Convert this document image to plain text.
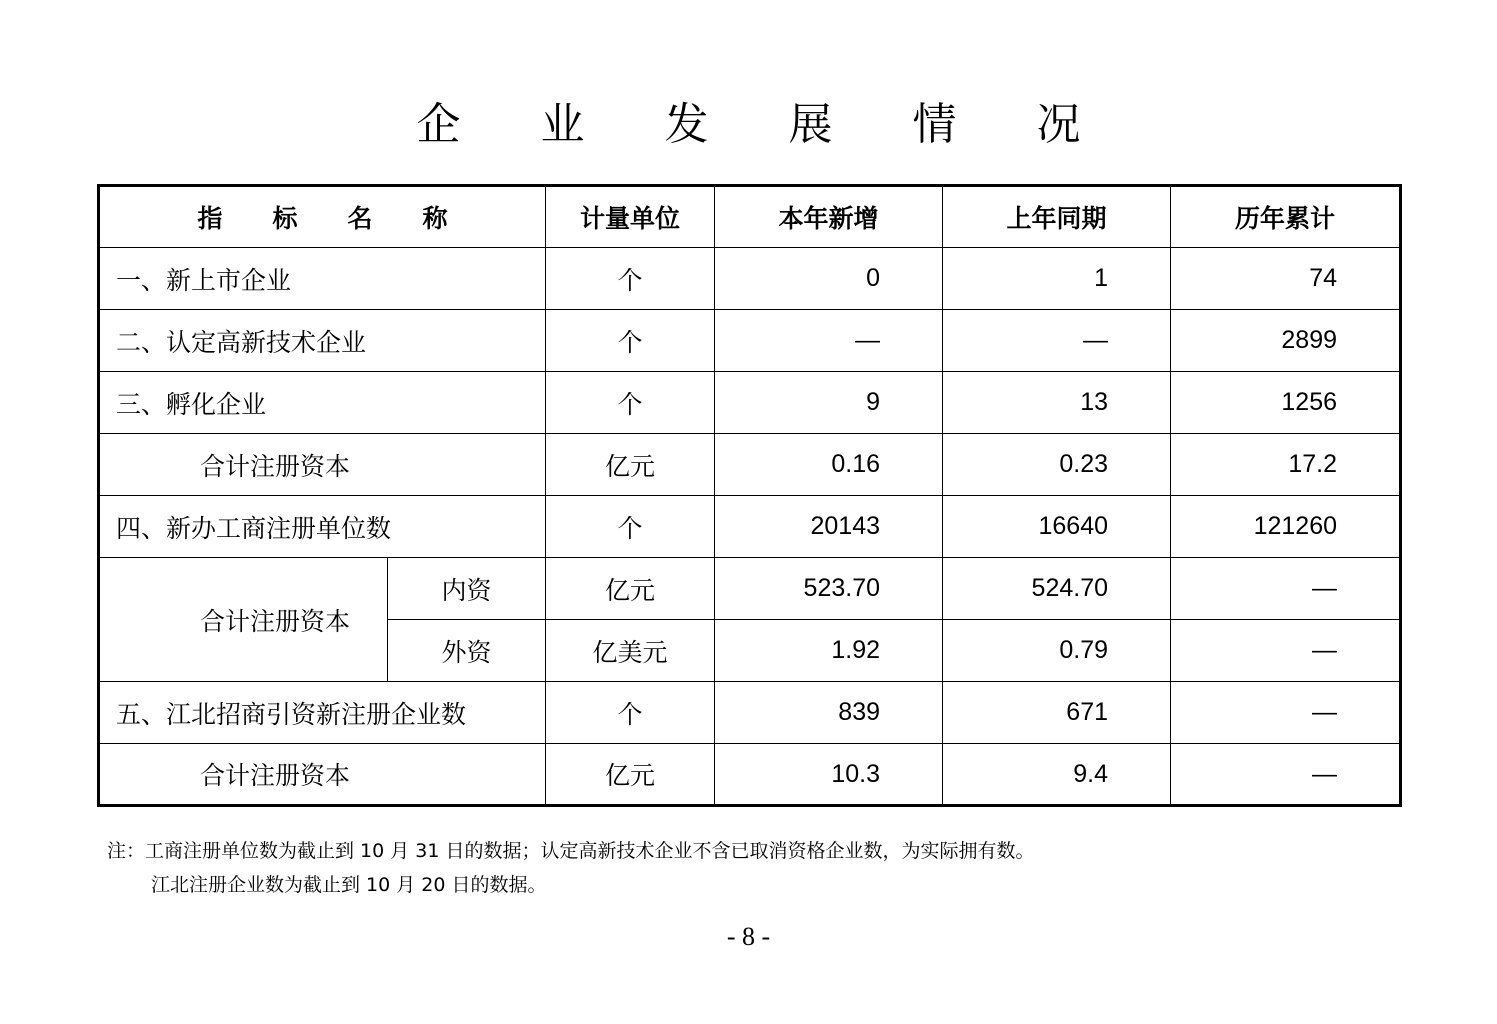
企 业 发 展 情 况
指　　标　　名　　称		计量单位	本年新增	上年同期	历年累计
一、新上市企业		个	0	1	74
二、认定高新技术企业		个	—	—	2899
三、孵化企业		个	9	13	1256
合计注册资本		亿元	0.16	0.23	17.2
四、新办工商注册单位数		个	20143	16640	121260
合计注册资本	内资	亿元	523.70	524.70	—
	外资	亿美元	1.92	0.79	—
五、江北招商引资新注册企业数		个	839	671	—
合计注册资本		亿元	10.3	9.4	—
注：工商注册单位数为截止到 10 月 31 日的数据；认定高新技术企业不含已取消资格企业数，为实际拥有数。
江北注册企业数为截止到 10 月 20 日的数据。
- 8 -
